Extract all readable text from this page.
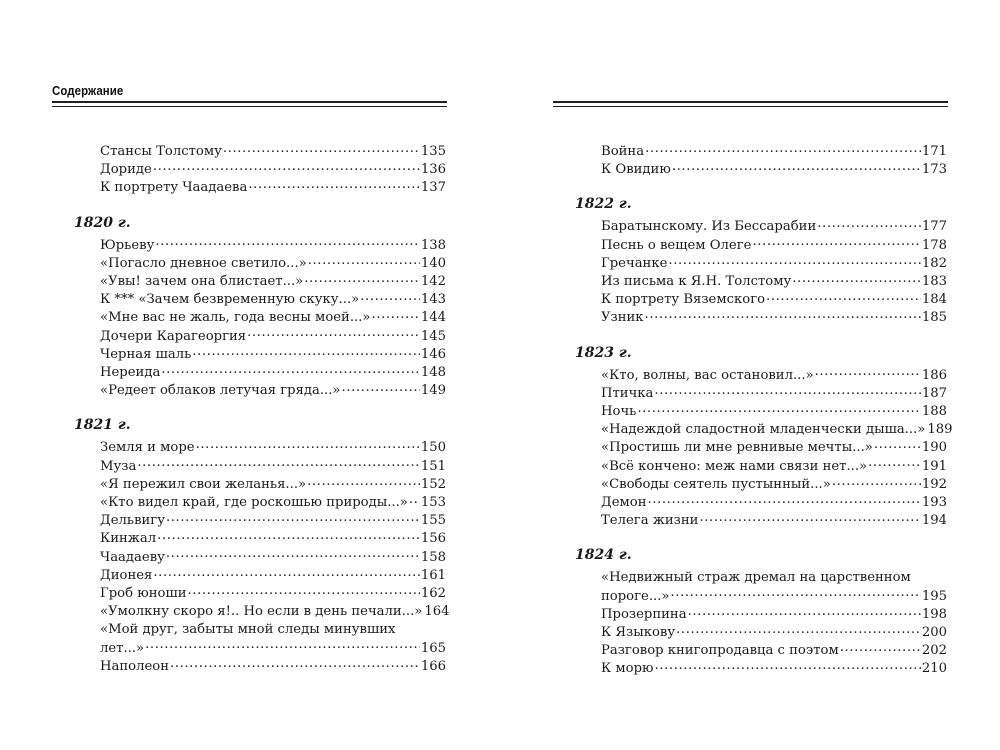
Содержание
Стансы Толстому .....	135
Дориде .....	136
К портрету Чаадаева .....	137
1820 г.
Юрьеву .....	138
«Погасло дневное светило...» .....	140
«Увы! зачем она блистает...» .....	142
К *** «Зачем безвременную скуку...» .....	143
«Мне вас не жаль, года весны моей...» .....	144
Дочери Карагеоргия .....	145
Черная шаль .....	146
Нереида .....	148
«Редеет облаков летучая гряда...» .....	149
1821 г.
Земля и море .....	150
Муза .....	151
«Я пережил свои желанья...» .....	152
«Кто видел край, где роскошью природы...» ..... 153
Дельвигу .....	155
Кинжал .....	156
Чаадаеву .....	158
Дионея .....	161
Гроб юноши .....	162
«Умолкну скоро я!.. Но если в день печали...» 164
«Мой друг, забыты мной следы минувших
лет...» .....	165
Наполеон .....	166
Война .....	171
К Овидию .....	173
1822 г.
Баратынскому. Из Бессарабии .....	177
Песнь о вещем Олеге .....	178
Гречанке .....	182
Из письма к Я.Н. Толстому .....	183
К портрету Вяземского .....	184
Узник .....	185
1823 г.
«Кто, волны, вас остановил...» .....	186
Птичка .....	187
Ночь .....	188
«Надеждой сладостной младенчески дыша...» 189
«Простишь ли мне ревнивые мечты...» .....	190
«Всё кончено: меж нами связи нет...» .....	191
«Свободы сеятель пустынный...» .....	192
Демон .....	193
Телега жизни .....	194
1824 г.
«Недвижный страж дремал на царственном
пороге...» .....	195
Прозерпина .....	198
К Языкову .....	200
Разговор книгопродавца с поэтом .....	202
К морю .....	210
